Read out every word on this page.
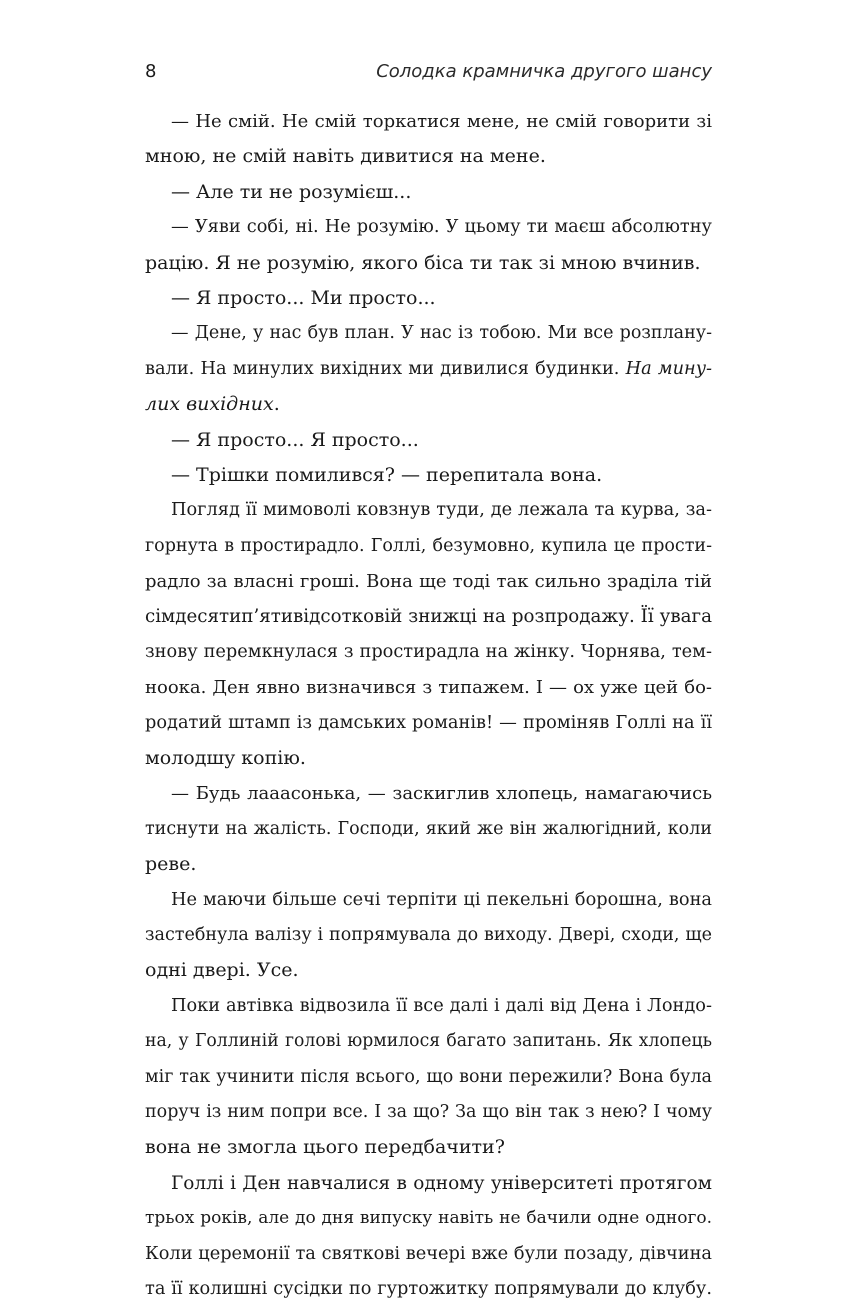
8	Солодка крамничка другого шансу
— Не смій. Не смій торкатися мене, не смій говорити зі
мною, не смій навіть дивитися на мене.
— Але ти не розумієш...
— Уяви собі, ні. Не розумію. У цьому ти маєш абсолютну
рацію. Я не розумію, якого біса ти так зі мною вчинив.
— Я просто... Ми просто...
— Дене, у нас був план. У нас із тобою. Ми все розплану-
вали. На минулих вихідних ми дивилися будинки. На мину-
лих вихідних.
— Я просто... Я просто...
— Трішки помилився? — перепитала вона.
Погляд її мимоволі ковзнув туди, де лежала та курва, за-
горнута в простирадло. Голлі, безумовно, купила це прости-
радло за власні гроші. Вона ще тоді так сильно зраділа тій
сімдесятип’ятивідсотковій знижці на розпродажу. Її увага
знову перемкнулася з простирадла на жінку. Чорнява, тем-
ноока. Ден явно визначився з типажем. І — ох уже цей бо-
родатий штамп із дамських романів! — проміняв Голлі на її
молодшу копію.
— Будь лааасонька, — заскиглив хлопець, намагаючись
тиснути на жалість. Господи, який же він жалюгідний, коли
реве.
Не маючи більше сечі терпіти ці пекельні борошна, вона
застебнула валізу і попрямувала до виходу. Двері, сходи, ще
одні двері. Усе.
Поки автівка відвозила її все далі і далі від Дена і Лондо-
на, у Голлиній голові юрмилося багато запитань. Як хлопець
міг так учинити після всього, що вони пережили? Вона була
поруч із ним попри все. І за що? За що він так з нею? І чому
вона не змогла цього передбачити?
Голлі і Ден навчалися в одному університеті протягом
трьох років, але до дня випуску навіть не бачили одне одного.
Коли церемонії та святкові вечері вже були позаду, дівчина
та її колишні сусідки по гуртожитку попрямували до клубу.
